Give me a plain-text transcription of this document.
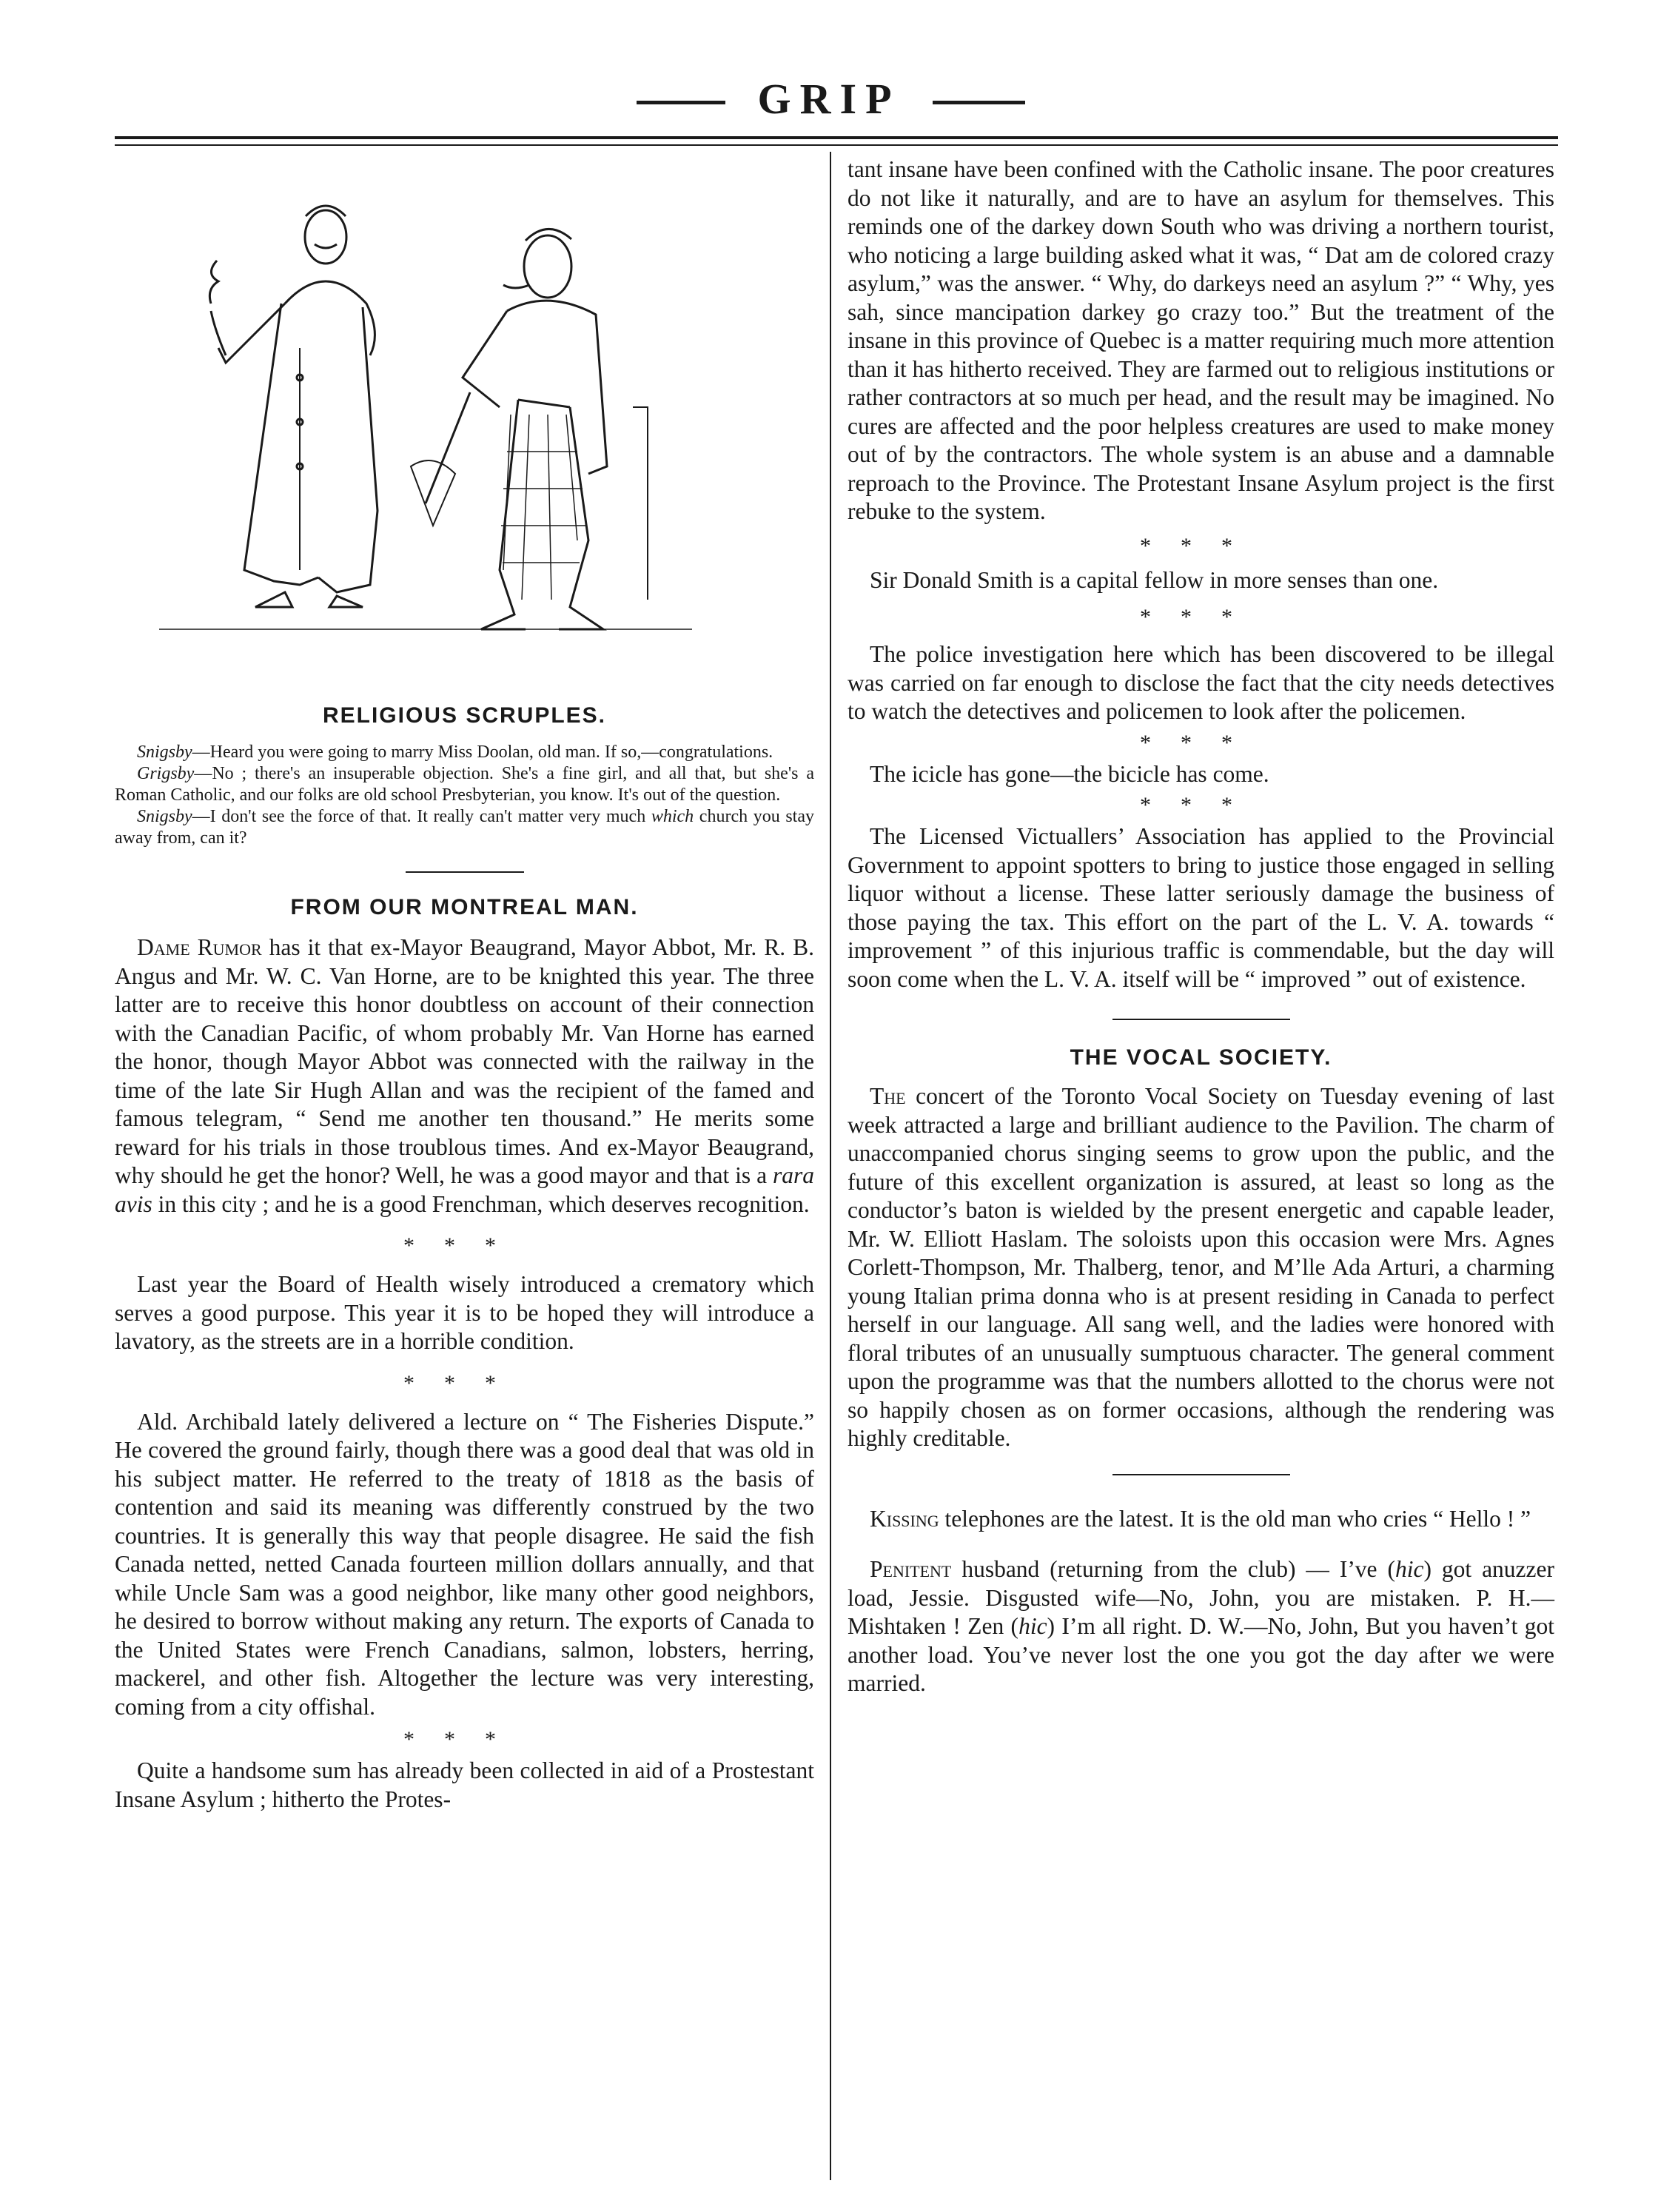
GRIP
RELIGIOUS SCRUPLES.

Snigsby—Heard you were going to marry Miss Doolan, old man. If so,—congratulations.

Grigsby—No ; there's an insuperable objection. She's a fine girl, and all that, but she's a Roman Catholic, and our folks are old school Presbyterian, you know. It's out of the question.

Snigsby—I don't see the force of that. It really can't matter very much which church you stay away from, can it?

FROM OUR MONTREAL MAN.

Dame Rumor has it that ex-Mayor Beaugrand, Mayor Abbot, Mr. R. B. Angus and Mr. W. C. Van Horne, are to be knighted this year. The three latter are to receive this honor doubtless on account of their connection with the Canadian Pacific, of whom probably Mr. Van Horne has earned the honor, though Mayor Abbot was connected with the railway in the time of the late Sir Hugh Allan and was the recipient of the famed and famous telegram, “ Send me another ten thousand.” He merits some reward for his trials in those troublous times. And ex-Mayor Beaugrand, why should he get the honor? Well, he was a good mayor and that is a rara avis in this city ; and he is a good Frenchman, which deserves recognition.

***

Last year the Board of Health wisely introduced a crematory which serves a good purpose. This year it is to be hoped they will introduce a lavatory, as the streets are in a horrible condition.

***

Ald. Archibald lately delivered a lecture on “ The Fisheries Dispute.” He covered the ground fairly, though there was a good deal that was old in his subject matter. He referred to the treaty of 1818 as the basis of contention and said its meaning was differently construed by the two countries. It is generally this way that people disagree. He said the fish Canada netted, netted Canada fourteen million dollars annually, and that while Uncle Sam was a good neighbor, like many other good neighbors, he desired to borrow without making any return. The exports of Canada to the United States were French Canadians, salmon, lobsters, herring, mackerel, and other fish. Altogether the lecture was very interesting, coming from a city offishal.

***

Quite a handsome sum has already been collected in aid of a Prostestant Insane Asylum ; hitherto the Protes-

tant insane have been confined with the Catholic insane. The poor creatures do not like it naturally, and are to have an asylum for themselves. This reminds one of the darkey down South who was driving a northern tourist, who noticing a large building asked what it was, “ Dat am de colored crazy asylum,” was the answer. “ Why, do darkeys need an asylum ?” “ Why, yes sah, since mancipation darkey go crazy too.” But the treatment of the insane in this province of Quebec is a matter requiring much more attention than it has hitherto received. They are farmed out to religious institutions or rather contractors at so much per head, and the result may be imagined. No cures are affected and the poor helpless creatures are used to make money out of by the contractors. The whole system is an abuse and a damnable reproach to the Province. The Protestant Insane Asylum project is the first rebuke to the system.

***

Sir Donald Smith is a capital fellow in more senses than one.

***

The police investigation here which has been discovered to be illegal was carried on far enough to disclose the fact that the city needs detectives to watch the detectives and policemen to look after the policemen.

***

The icicle has gone—the bicicle has come.

***

The Licensed Victuallers’ Association has applied to the Provincial Government to appoint spotters to bring to justice those engaged in selling liquor without a license. These latter seriously damage the business of those paying the tax. This effort on the part of the L. V. A. towards “ improvement ” of this injurious traffic is commendable, but the day will soon come when the L. V. A. itself will be “ improved ” out of existence.

THE VOCAL SOCIETY.

The concert of the Toronto Vocal Society on Tuesday evening of last week attracted a large and brilliant audience to the Pavilion. The charm of unaccompanied chorus singing seems to grow upon the public, and the future of this excellent organization is assured, at least so long as the conductor’s baton is wielded by the present energetic and capable leader, Mr. W. Elliott Haslam. The soloists upon this occasion were Mrs. Agnes Corlett-Thompson, Mr. Thalberg, tenor, and M’lle Ada Arturi, a charming young Italian prima donna who is at present residing in Canada to perfect herself in our language. All sang well, and the ladies were honored with floral tributes of an unusually sumptuous character. The general comment upon the programme was that the numbers allotted to the chorus were not so happily chosen as on former occasions, although the rendering was highly creditable.

Kissing telephones are the latest. It is the old man who cries “ Hello ! ”

Penitent husband (returning from the club) — I’ve (hic) got anuzzer load, Jessie. Disgusted wife—No, John, you are mistaken. P. H.—Mishtaken ! Zen (hic) I’m all right. D. W.—No, John, But you haven’t got another load. You’ve never lost the one you got the day after we were married.
